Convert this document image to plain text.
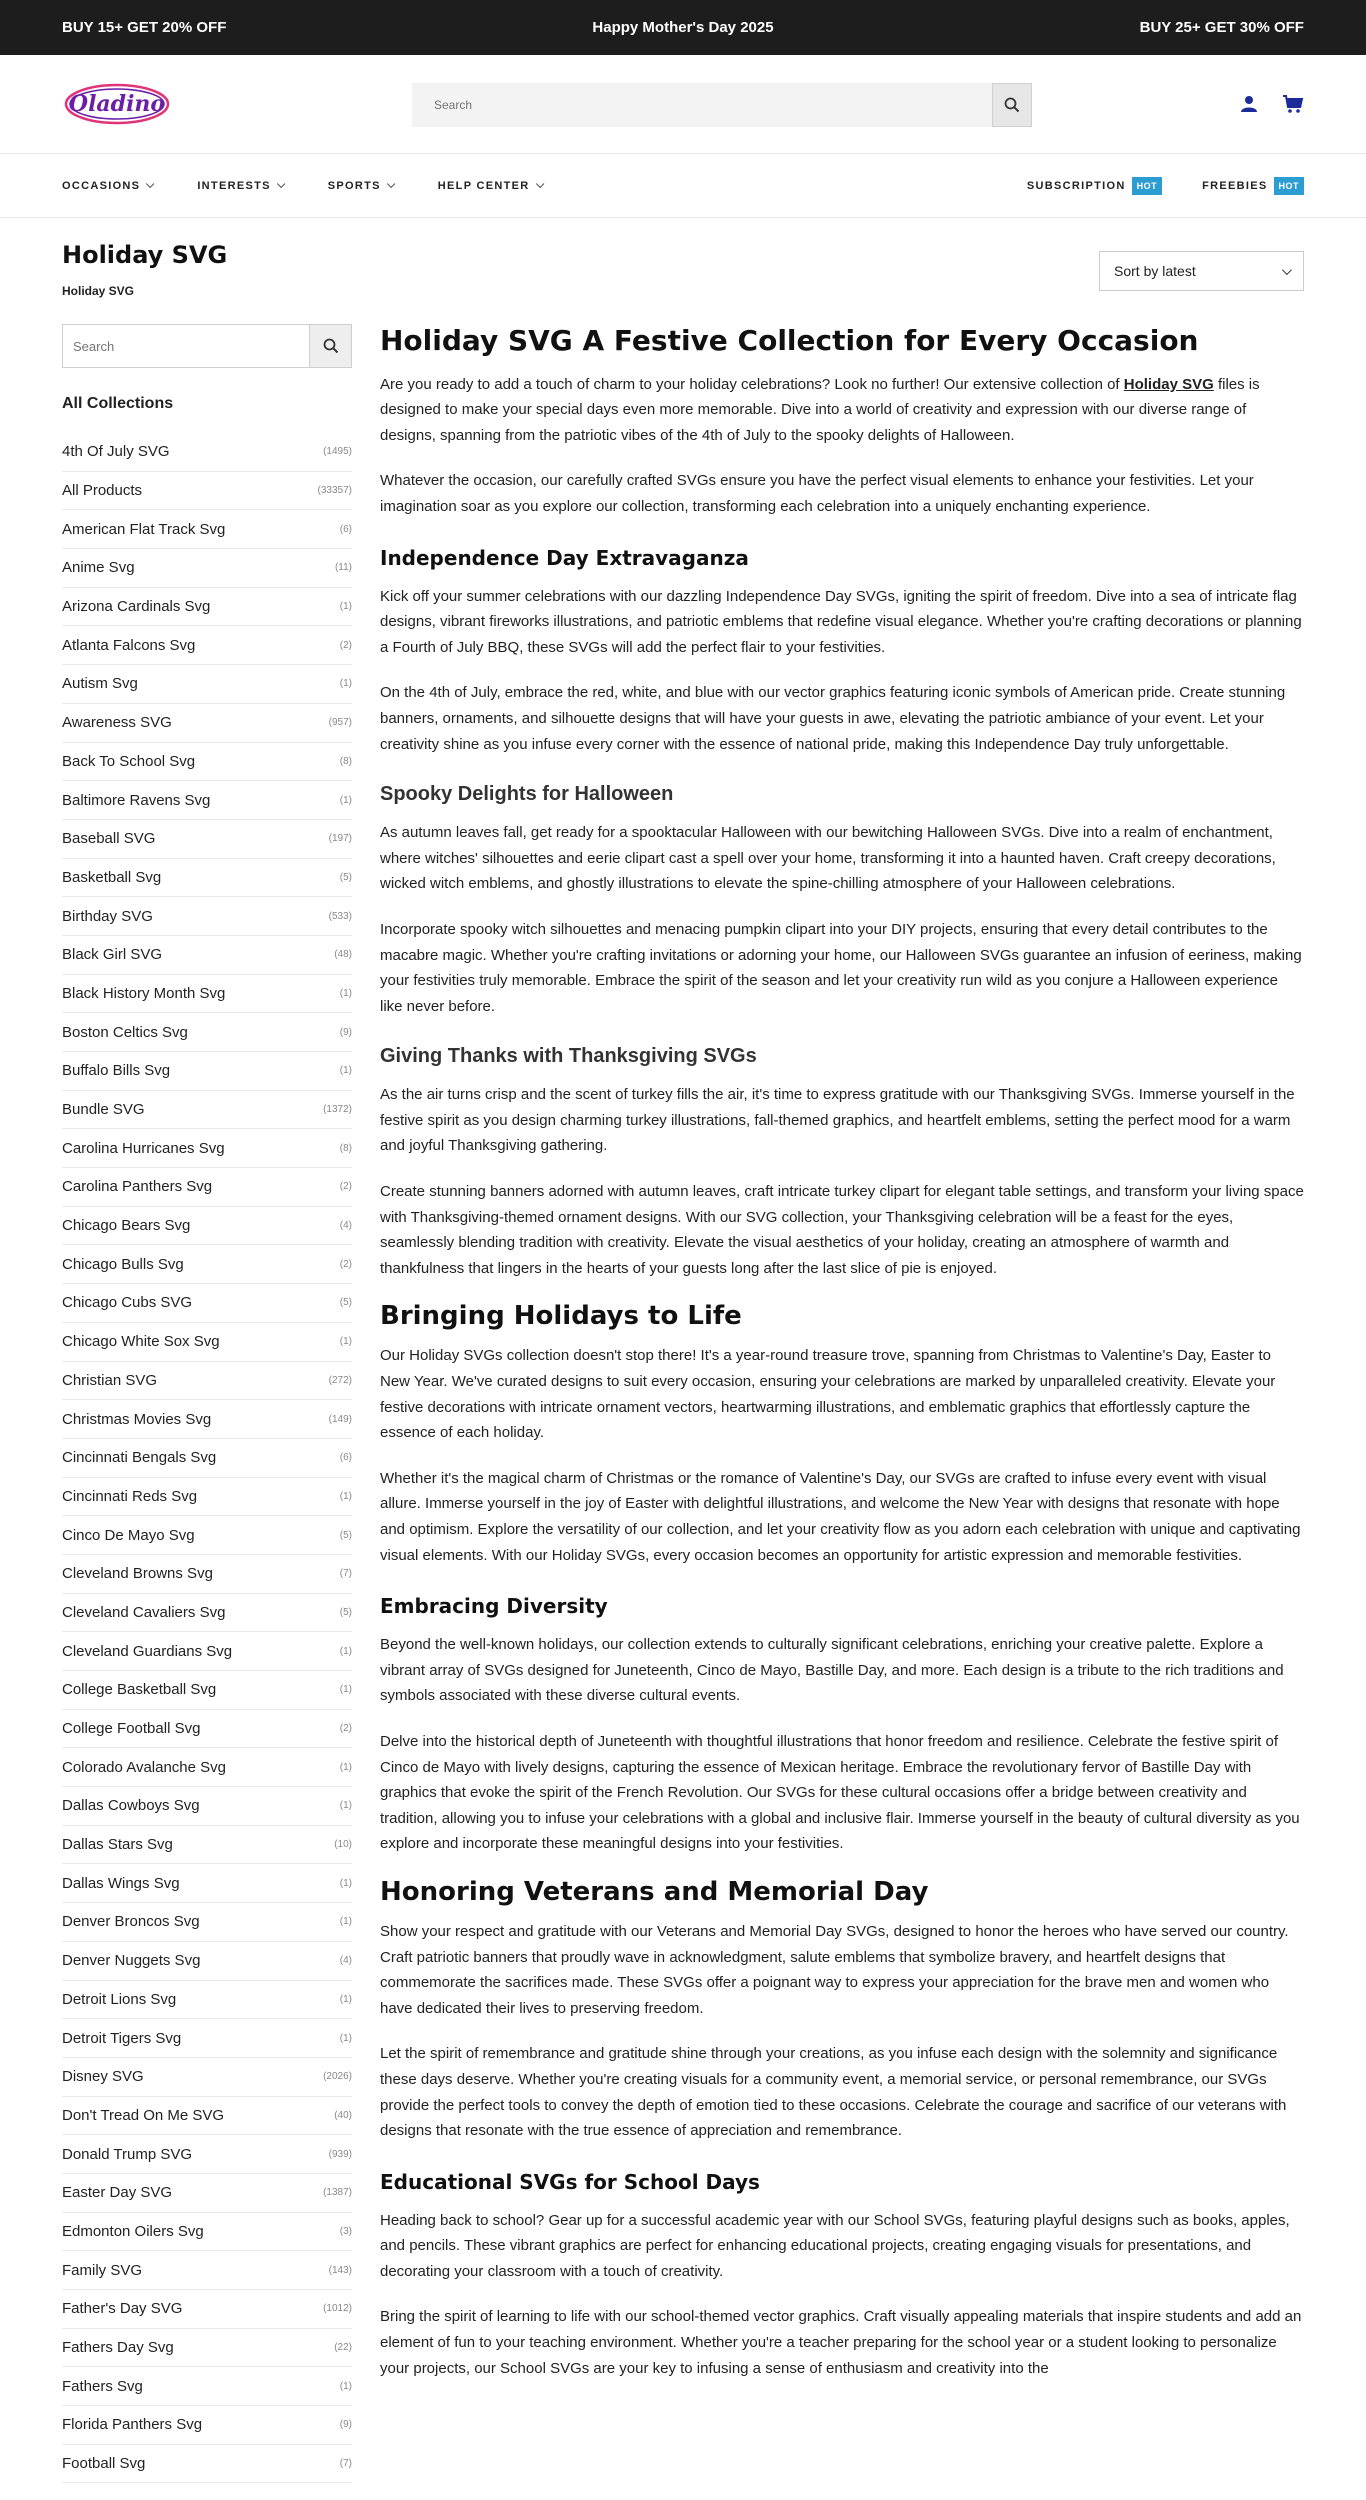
BUY 15+ GET 20% OFF	Happy Mother's Day 2025	BUY 25+ GET 30% OFF
Oladino
Search
OCCASIONS	INTERESTS	SPORTS	HELP CENTER	SUBSCRIPTION	HOT	FREEBIES	HOT
Holiday SVG
Holiday SVG
Sort by latest
Search
All Collections
4th Of July SVG	(1495)
All Products	(33357)
American Flat Track Svg	(6)
Anime Svg	(11)
Arizona Cardinals Svg	(1)
Atlanta Falcons Svg	(2)
Autism Svg	(1)
Awareness SVG	(957)
Back To School Svg	(8)
Baltimore Ravens Svg	(1)
Baseball SVG	(197)
Basketball Svg	(5)
Birthday SVG	(533)
Black Girl SVG	(48)
Black History Month Svg	(1)
Boston Celtics Svg	(9)
Buffalo Bills Svg	(1)
Bundle SVG	(1372)
Carolina Hurricanes Svg	(8)
Carolina Panthers Svg	(2)
Chicago Bears Svg	(4)
Chicago Bulls Svg	(2)
Chicago Cubs SVG	(5)
Chicago White Sox Svg	(1)
Christian SVG	(272)
Christmas Movies Svg	(149)
Cincinnati Bengals Svg	(6)
Cincinnati Reds Svg	(1)
Cinco De Mayo Svg	(5)
Cleveland Browns Svg	(7)
Cleveland Cavaliers Svg	(5)
Cleveland Guardians Svg	(1)
College Basketball Svg	(1)
College Football Svg	(2)
Colorado Avalanche Svg	(1)
Dallas Cowboys Svg	(1)
Dallas Stars Svg	(10)
Dallas Wings Svg	(1)
Denver Broncos Svg	(1)
Denver Nuggets Svg	(4)
Detroit Lions Svg	(1)
Detroit Tigers Svg	(1)
Disney SVG	(2026)
Don't Tread On Me SVG	(40)
Donald Trump SVG	(939)
Easter Day SVG	(1387)
Edmonton Oilers Svg	(3)
Family SVG	(143)
Father's Day SVG	(1012)
Fathers Day Svg	(22)
Fathers Svg	(1)
Florida Panthers Svg	(9)
Football Svg	(7)
Holiday SVG A Festive Collection for Every Occasion

Are you ready to add a touch of charm to your holiday celebrations? Look no further! Our extensive collection of Holiday SVG files is designed to make your special days even more memorable. Dive into a world of creativity and expression with our diverse range of designs, spanning from the patriotic vibes of the 4th of July to the spooky delights of Halloween.

Whatever the occasion, our carefully crafted SVGs ensure you have the perfect visual elements to enhance your festivities. Let your imagination soar as you explore our collection, transforming each celebration into a uniquely enchanting experience.

Independence Day Extravaganza

Kick off your summer celebrations with our dazzling Independence Day SVGs, igniting the spirit of freedom. Dive into a sea of intricate flag designs, vibrant fireworks illustrations, and patriotic emblems that redefine visual elegance. Whether you're crafting decorations or planning a Fourth of July BBQ, these SVGs will add the perfect flair to your festivities.

On the 4th of July, embrace the red, white, and blue with our vector graphics featuring iconic symbols of American pride. Create stunning banners, ornaments, and silhouette designs that will have your guests in awe, elevating the patriotic ambiance of your event. Let your creativity shine as you infuse every corner with the essence of national pride, making this Independence Day truly unforgettable.

Spooky Delights for Halloween

As autumn leaves fall, get ready for a spooktacular Halloween with our bewitching Halloween SVGs. Dive into a realm of enchantment, where witches' silhouettes and eerie clipart cast a spell over your home, transforming it into a haunted haven. Craft creepy decorations, wicked witch emblems, and ghostly illustrations to elevate the spine-chilling atmosphere of your Halloween celebrations.

Incorporate spooky witch silhouettes and menacing pumpkin clipart into your DIY projects, ensuring that every detail contributes to the macabre magic. Whether you're crafting invitations or adorning your home, our Halloween SVGs guarantee an infusion of eeriness, making your festivities truly memorable. Embrace the spirit of the season and let your creativity run wild as you conjure a Halloween experience like never before.

Giving Thanks with Thanksgiving SVGs

As the air turns crisp and the scent of turkey fills the air, it's time to express gratitude with our Thanksgiving SVGs. Immerse yourself in the festive spirit as you design charming turkey illustrations, fall-themed graphics, and heartfelt emblems, setting the perfect mood for a warm and joyful Thanksgiving gathering.

Create stunning banners adorned with autumn leaves, craft intricate turkey clipart for elegant table settings, and transform your living space with Thanksgiving-themed ornament designs. With our SVG collection, your Thanksgiving celebration will be a feast for the eyes, seamlessly blending tradition with creativity. Elevate the visual aesthetics of your holiday, creating an atmosphere of warmth and thankfulness that lingers in the hearts of your guests long after the last slice of pie is enjoyed.

Bringing Holidays to Life

Our Holiday SVGs collection doesn't stop there! It's a year-round treasure trove, spanning from Christmas to Valentine's Day, Easter to New Year. We've curated designs to suit every occasion, ensuring your celebrations are marked by unparalleled creativity. Elevate your festive decorations with intricate ornament vectors, heartwarming illustrations, and emblematic graphics that effortlessly capture the essence of each holiday.

Whether it's the magical charm of Christmas or the romance of Valentine's Day, our SVGs are crafted to infuse every event with visual allure. Immerse yourself in the joy of Easter with delightful illustrations, and welcome the New Year with designs that resonate with hope and optimism. Explore the versatility of our collection, and let your creativity flow as you adorn each celebration with unique and captivating visual elements. With our Holiday SVGs, every occasion becomes an opportunity for artistic expression and memorable festivities.

Embracing Diversity

Beyond the well-known holidays, our collection extends to culturally significant celebrations, enriching your creative palette. Explore a vibrant array of SVGs designed for Juneteenth, Cinco de Mayo, Bastille Day, and more. Each design is a tribute to the rich traditions and symbols associated with these diverse cultural events.

Delve into the historical depth of Juneteenth with thoughtful illustrations that honor freedom and resilience. Celebrate the festive spirit of Cinco de Mayo with lively designs, capturing the essence of Mexican heritage. Embrace the revolutionary fervor of Bastille Day with graphics that evoke the spirit of the French Revolution. Our SVGs for these cultural occasions offer a bridge between creativity and tradition, allowing you to infuse your celebrations with a global and inclusive flair. Immerse yourself in the beauty of cultural diversity as you explore and incorporate these meaningful designs into your festivities.

Honoring Veterans and Memorial Day

Show your respect and gratitude with our Veterans and Memorial Day SVGs, designed to honor the heroes who have served our country. Craft patriotic banners that proudly wave in acknowledgment, salute emblems that symbolize bravery, and heartfelt designs that commemorate the sacrifices made. These SVGs offer a poignant way to express your appreciation for the brave men and women who have dedicated their lives to preserving freedom.

Let the spirit of remembrance and gratitude shine through your creations, as you infuse each design with the solemnity and significance these days deserve. Whether you're creating visuals for a community event, a memorial service, or personal remembrance, our SVGs provide the perfect tools to convey the depth of emotion tied to these occasions. Celebrate the courage and sacrifice of our veterans with designs that resonate with the true essence of appreciation and remembrance.

Educational SVGs for School Days

Heading back to school? Gear up for a successful academic year with our School SVGs, featuring playful designs such as books, apples, and pencils. These vibrant graphics are perfect for enhancing educational projects, creating engaging visuals for presentations, and decorating your classroom with a touch of creativity.

Bring the spirit of learning to life with our school-themed vector graphics. Craft visually appealing materials that inspire students and add an element of fun to your teaching environment. Whether you're a teacher preparing for the school year or a student looking to personalize your projects, our School SVGs are your key to infusing a sense of enthusiasm and creativity into the
